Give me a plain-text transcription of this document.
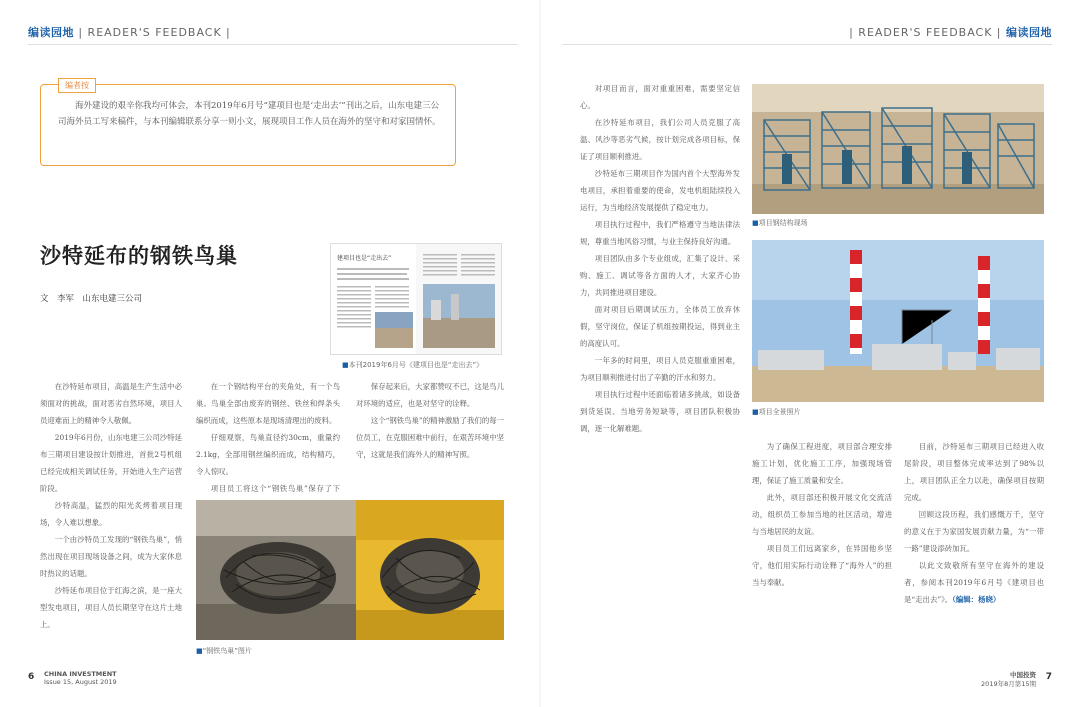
编读园地 | READER'S FEEDBACK |	| READER'S FEEDBACK | 编读园地
编者按
海外建设的艰辛你我均可体会，本刊2019年6月号“建项目也是‘走出去’”刊出之后，山东电建三公司海外员工写来稿件，与本刊编辑联系分享一则小文，展现项目工作人员在海外的坚守和对家国情怀。
沙特延布的钢铁鸟巢
文　李军　山东电建三公司
建项目也是“走出去”
■本刊2019年6月号《建项目也是“走出去”》

在沙特延布项目，高温是生产生活中必须面对的挑战，面对恶劣自然环境，项目人员迎难而上的精神令人敬佩。

2019年6月份，山东电建三公司沙特延布三期项目建设按计划推进，首批2号机组已经完成相关调试任务，开始进入生产运营阶段。

沙特高温，猛烈的阳光炙烤着项目现场，令人难以想象。

一个由沙特员工发现的“钢铁鸟巢”，悄然出现在项目现场设备之间，成为大家休息时热议的话题。

沙特延布项目位于红海之滨，是一座大型发电项目，项目人员长期坚守在这片土地上。

在一个钢结构平台的夹角处，有一个鸟巢。鸟巢全部由废弃的钢丝、铁丝和焊条头编织而成，这些原本是现场清理出的废料。

仔细观察，鸟巢直径约30cm，重量约2.1kg，全部用钢丝编织而成，结构精巧，令人惊叹。

项目员工将这个“钢铁鸟巢”保存了下

保存起来后，大家都赞叹不已，这是鸟儿对环境的适应，也是对坚守的诠释。

这个“钢铁鸟巢”的精神激励了我们的每一位员工，在克服困难中前行，在艰苦环境中坚守，这就是我们海外人的精神写照。

■“钢铁鸟巢”图片

对项目而言，面对重重困难，需要坚定信心。

在沙特延布项目，我们公司人员克服了高温、风沙等恶劣气候，按计划完成各项目标，保证了项目顺利推进。

沙特延布三期项目作为国内首个大型海外发电项目，承担着重要的使命，发电机组陆续投入运行，为当地经济发展提供了稳定电力。

项目执行过程中，我们严格遵守当地法律法规，尊重当地风俗习惯，与业主保持良好沟通。

项目团队由多个专业组成，汇集了设计、采购、施工、调试等各方面的人才，大家齐心协力，共同推进项目建设。

面对项目后期调试压力，全体员工放弃休假，坚守岗位，保证了机组按期投运，得到业主的高度认可。

一年多的时间里，项目人员克服重重困难，为项目顺利推进付出了辛勤的汗水和努力。

项目执行过程中还面临着诸多挑战，如设备到货延误、当地劳务短缺等，项目团队积极协调，逐一化解难题。

■项目钢结构现场
■项目全景照片

为了确保工程进度，项目部合理安排施工计划，优化施工工序，加强现场管理，保证了施工质量和安全。

此外，项目部还积极开展文化交流活动，组织员工参加当地的社区活动，增进与当地居民的友谊。

项目员工们远离家乡，在异国他乡坚守，他们用实际行动诠释了“海外人”的担当与奉献。

目前，沙特延布三期项目已经进入收尾阶段，项目整体完成率达到了98%以上，项目团队正全力以赴，确保项目按期完成。

回顾这段历程，我们感慨万千，坚守的意义在于为家国发展贡献力量，为“一带一路”建设添砖加瓦。

以此文致敬所有坚守在海外的建设者，参阅本刊2019年6月号《建项目也是“走出去”》。（编辑：杨晓）

6 CHINA INVESTMENT
Issue 15, August 2019
中国投资
2019年8月第15期
7
